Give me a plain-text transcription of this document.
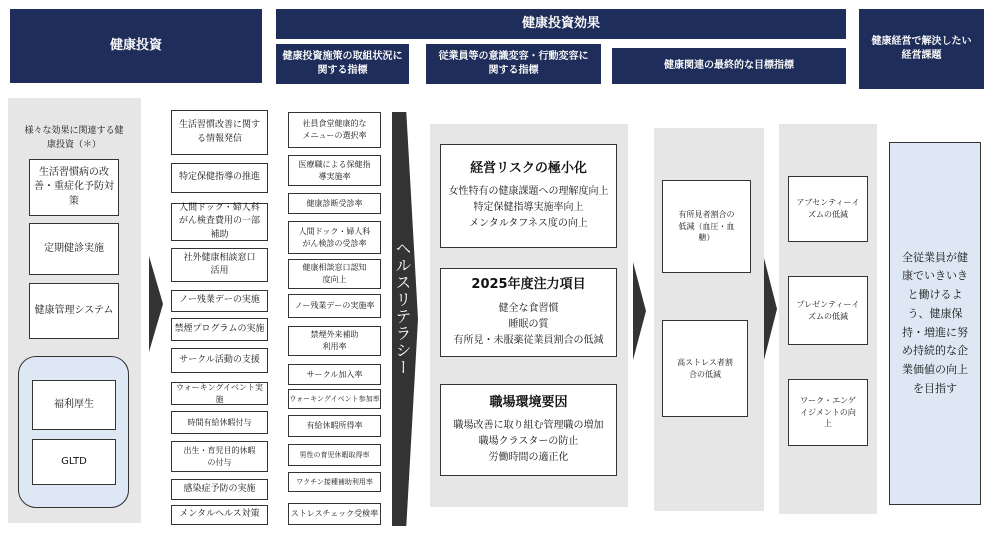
健康投資
健康投資効果
健康投資施策の取組状況に関する指標
従業員等の意識変容・行動変容に関する指標	健康関連の最終的な目標指標
健康経営で解決したい経営課題
様々な効果に関連する健康投資（＊）
生活習慣病の改善・重症化予防対策
定期健診実施
健康管理システム
福利厚生
GLTD
生活習慣改善に関する情報発信
特定保健指導の推進
人間ドック・婦人科がん検査費用の一部補助
社外健康相談窓口活用
ノー残業デーの実施
禁煙プログラムの実施
サークル活動の支援
ウォーキングイベント実施
時間有給休暇付与
出生・育児目的休暇の付与
感染症予防の実施
メンタルヘルス対策
社員食堂健康的なメニューの選択率
医療職による保健指導実施率
健康診断受診率
人間ドック・婦人科がん検診の受診率
健康相談窓口認知度向上
ノー残業デーの実施率
禁煙外来補助利用率
サークル加入率
ウォーキングイベント参加率
有給休暇所得率
男性の育児休暇取得率
ワクチン接種補助利用率
ストレスチェック受検率
ヘルスリテラシー
経営リスクの極小化
女性特有の健康課題への理解度向上
特定保健指導実施率向上
メンタルタフネス度の向上
2025年度注力項目
健全な食習慣
睡眠の質
有所見・未服薬従業員割合の低減
職場環境要因
職場改善に取り組む管理職の増加
職場クラスターの防止
労働時間の適正化
有所見者割合の低減（血圧・血糖）
高ストレス者割合の低減
アブセンティーイズムの低減
プレゼンティーイズムの低減
ワーク・エンゲイジメントの向上
全従業員が健康でいきいきと働けるよう、健康保持・増進に努め持続的な企業価値の向上を目指す
